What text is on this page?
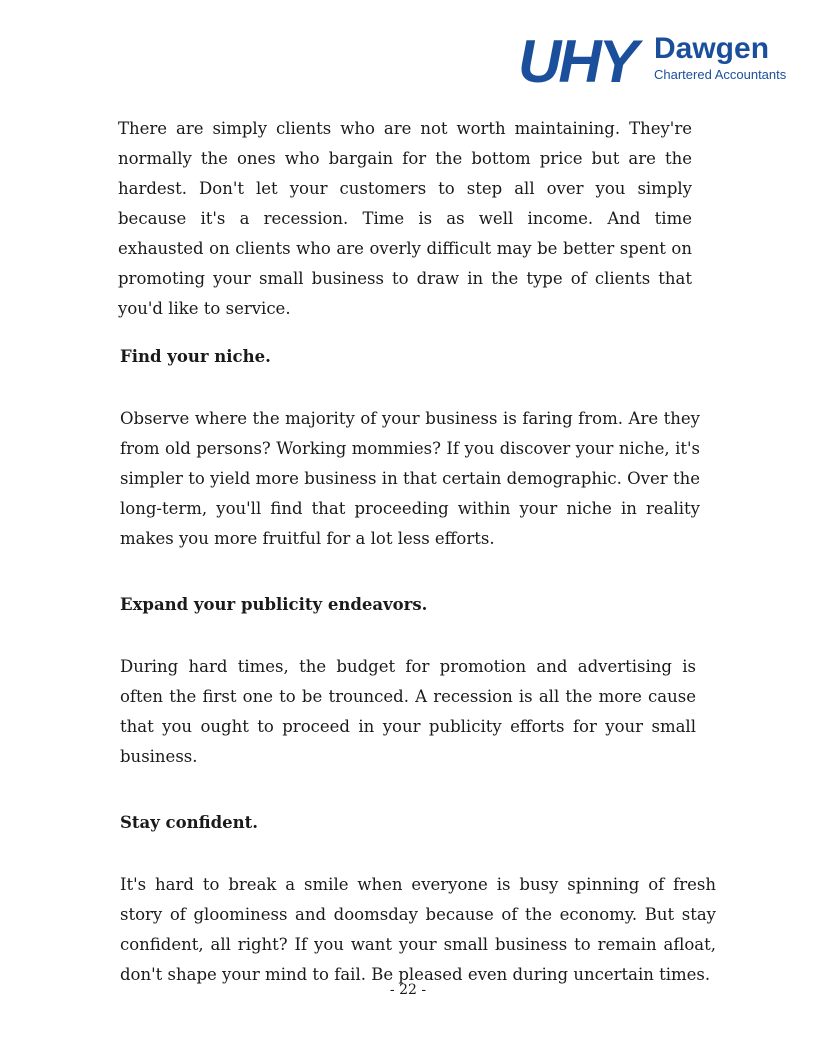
UHY Dawgen
Chartered Accountants

There are simply clients who are not worth maintaining. They're normally the ones who bargain for the bottom price but are the hardest. Don't let your customers to step all over you simply because it's a recession. Time is as well income. And time exhausted on clients who are overly difficult may be better spent on promoting your small business to draw in the type of clients that you'd like to service.

Find your niche.

Observe where the majority of your business is faring from. Are they from old persons? Working mommies? If you discover your niche, it's simpler to yield more business in that certain demographic. Over the long-term, you'll find that proceeding within your niche in reality makes you more fruitful for a lot less efforts.

Expand your publicity endeavors.

During hard times, the budget for promotion and advertising is often the first one to be trounced. A recession is all the more cause that you ought to proceed in your publicity efforts for your small business.

Stay confident.

It's hard to break a smile when everyone is busy spinning of fresh story of gloominess and doomsday because of the economy. But stay confident, all right? If you want your small business to remain afloat, don't shape your mind to fail. Be pleased even during uncertain times.

- 22 -
